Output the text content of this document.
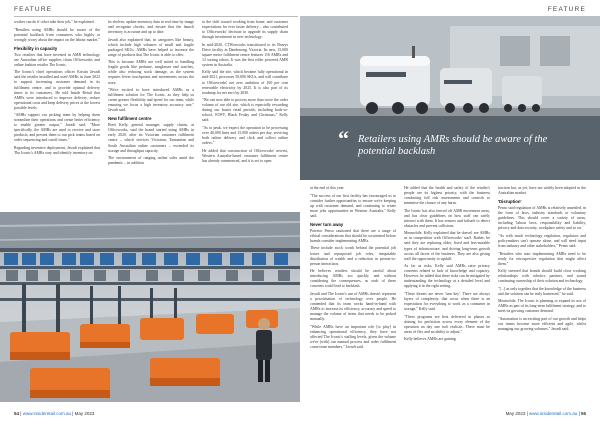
FEATURE

worker can do if robot take their job," he explained.

"Retailers using AMRs should be aware of the potential backlash from consumers who highly or wrongly worry about the impact on the labour market."

Flexibility in capacity

Two retailers that have invested in AMR technology are Australian office supplies chain Officeworks and online fashion retailer The Iconic.

The Iconic's chief operations officer Kristin Javadi said the retailer installed and used AMRs in June 2022 to support increasing customer demand in its fulfilment centre, and to provide optimal delivery times to its customers. He told Inside Retail that AMRs were introduced to improve delivery, reduce operational costs and keep delivery prices at the lowest possible levels.

"AMRs support our picking team by helping them streamline their operations and create better efficiency to enable greater output," Javadi said. "More specifically, the AMRs are used to receive and store products, and present them to our pick teams based on order sequencing and cutoff times."

Regarding inventive deployment, Javadi explained that The Iconic's AMRs vary and identify inventory on

its shelves, update inventory data in real time by image and recognise checks, and ensure that the launch inventory is accurate and up to date.

Javadi also explained that, in categories like beauty, which include high volumes of small and fragile packaged SKUs, AMRs have helped to increase the range of products that The Iconic is able to offer.

This is because AMRs are well suited to handling fragile goods like perfume, sunglasses and watches, while also reducing stock damage, as the system requires fewer touchpoints and movements across the store.

"We're excited to have introduced AMRs as a fulfilment solution for The Iconic, as they help us create greater flexibility and speed for our team, while ensuring we focus a high inventory accuracy rate," Javadi said.

New fulfilment centre

Brett Kelly, general manager, supply chains, at Officeworks, said the brand started using AMRs in early 2020, after its Victorian customer fulfilment centre – which services Victorian, Tasmanian and South Australian online customers – exceeded its storage and throughput capacity.

The environment of ranging online sales amid the pandemic – in addition

to the shift toward working from home, and customer expectations for ever faster delivery – also contributed to Officeworks' decision to upgrade its supply chain through investment in new technology.

In mid-2020, CTWorworks transitioned to its Braeys Drive facility in Dandenong, Victoria. Its new, 15,000 square metre fulfilment centre features 116 AMRs and 12 sorting robots. It was the first roller powered AMR system in Australia.

Kelly said the site, which became fully operational in mid-2021, processes 50,000 SKUs, and will contribute to Officeworks' net zero ambition of 100 per cent renewable electricity by 2025. It is also part of its roadmap for net zero by 2030.

"We can now able to process more than twice the order volume of our old site, which is especially rewarding during our busier retail periods, including back-to-school, EOFY, Black Friday and Christmas," Kelly said.

"As to peak, we expect the operation to be processing over 40,000 lines and 15,000 orders per day, servicing both online delivery and click and collect online orders."

He added that construction of Officeworks' newest, Western Australia-based customer fulfilment centre has already commenced, and it is set to open

54 | www.insideretail.com.au | May 2023
FEATURE
“ Retailers using AMRs should be aware of the potential backlash

at the end of this year.

"The success of our first facility has encouraged us to consider further opportunities to ensure we're keeping up with customer demand, and continuing to create more jobs opportunities in Western Australia," Kelly said.

Never turn away

Paterior Penso cautioned that there are a range of ethical considerations that should be scrutinised before brands consider implementing AMRs.

These include stock worth behind the potential job losses and repurposed job roles, inequitable distribution of wealth and a reduction in person-to-person interaction.

He believes retailers should be careful about introducing AMRs too quickly and without considering the consequences, as each of these concerns could lead to backlash.

Javadi and The Iconic's use of AMRs doesn't represent a prioritisation of technology over people. He contended that its team works hand-in-hand with AMRs to increase its efficiency, accuracy and speed to manage the volume of items that needs to be picked manually.

"While AMRs have an important role [to play] in enhancing operational efficiency, they have not affected The Iconic's staffing levels, given the volume we're (with) our manual process and order fulfilment come team members," Javadi said.

He added that the health and safety of the retailer's people are its highest priority, with the business conducting full risk assessments and controls to minimise the chance of any harm.

The Iconic has also fenced off AMR movement areas, and has clear guidelines on how staff can safely interact with them. It has sensors and failsafe to detect obstacles and prevent collisions.

Meanwhile, Kelly explained that he doesn't see AMRs as in competition with Officeworks' staff. Rather, he said they are replacing older, fixed and less-suitable types of infrastructure, and driving long-term growth across all facets of the business. They are also giving staff the opportunity to upskill.

As far as risks, Kelly said AMRs raise privacy concerns related to lack of knowledge and capacity. However, he added that these risks can be mitigated by understanding the technology at a detailed level and applying it in the right setting.

"These threats are never 'turn key'. There are always layers of complexity, that occur when there is an expectation for everything to work as a consumer in storage," Kelly said.

"These programs are best delivered in phases as shining for perfection across every element of the operation on day one isn't realistic. There must be areas of flex and an ability to adjust."

Kelly believes AMRs are gaining

traction but, as yet, have not widely been adopted in the Australian market.

'Disruption'

Penso said regulation of AMRs is relatively unsettled, in the form of laws, industry standards or voluntary guidelines. This should cover a variety of areas, including 'labour laws, responsibility and liability, privacy and data security, workplace safety and so on.'

"As with much technology regulation, regulators and policymakers can't operate alone, and will need input from industry and other stakeholders," Penso said.

"Retailers who start implementing AMRs need to be ready for retrospective regulation that might affect them."

Kelly stressed that brands should build close working relationships with robotics partners, and sound continuing ownership of their solution and technology.

"[...] as only together that the knowledge of the business and the solution can be truly harnessed," he said.

Meanwhile, The Iconic is planning to expand its use of AMRs as part of its long-term fulfilment strategy, and to meet its growing customer demand.

"Automation is an exciting part of our growth and helps our teams become more efficient and agile, whilst managing our growing volumes," Javadi said.

May 2023 | www.insideretail.com.au | 55
